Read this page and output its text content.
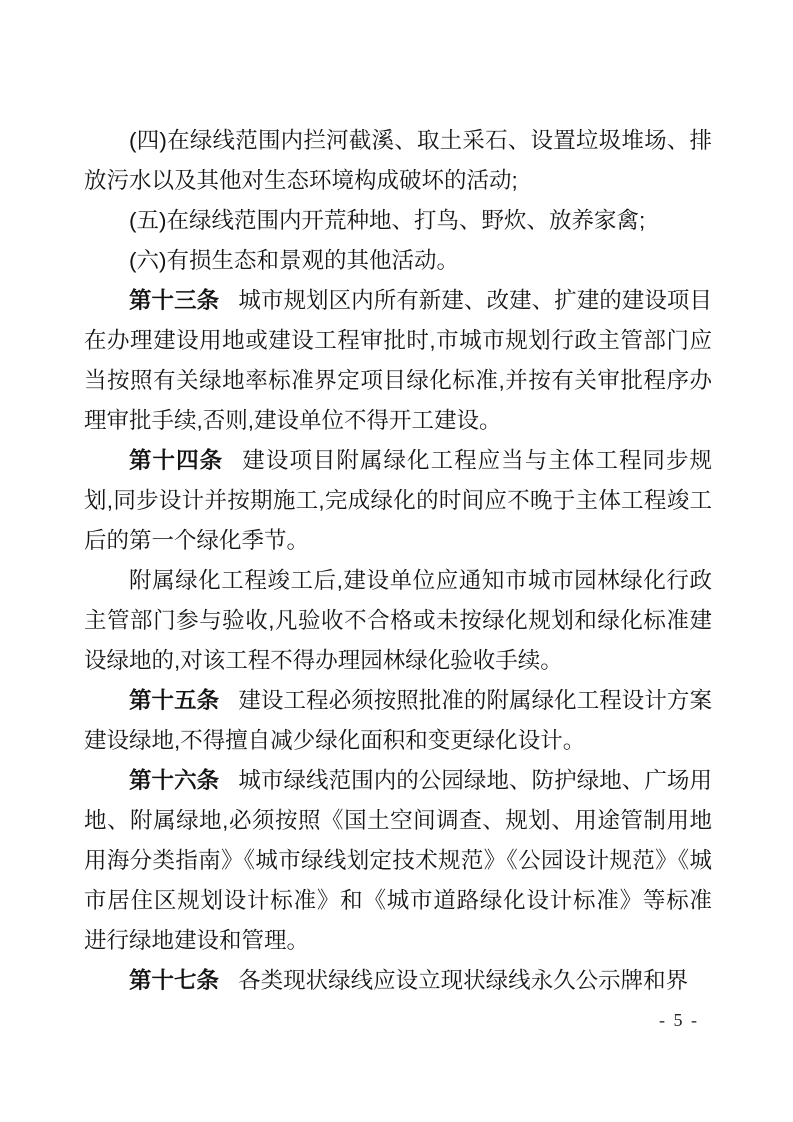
(四)在绿线范围内拦河截溪、取土采石、设置垃圾堆场、排放污水以及其他对生态环境构成破坏的活动;

(五)在绿线范围内开荒种地、打鸟、野炊、放养家禽;

(六)有损生态和景观的其他活动。

第十三条 城市规划区内所有新建、改建、扩建的建设项目在办理建设用地或建设工程审批时,市城市规划行政主管部门应当按照有关绿地率标准界定项目绿化标准,并按有关审批程序办理审批手续,否则,建设单位不得开工建设。

第十四条 建设项目附属绿化工程应当与主体工程同步规划,同步设计并按期施工,完成绿化的时间应不晚于主体工程竣工后的第一个绿化季节。

附属绿化工程竣工后,建设单位应通知市城市园林绿化行政主管部门参与验收,凡验收不合格或未按绿化规划和绿化标准建设绿地的,对该工程不得办理园林绿化验收手续。

第十五条 建设工程必须按照批准的附属绿化工程设计方案建设绿地,不得擅自减少绿化面积和变更绿化设计。

第十六条 城市绿线范围内的公园绿地、防护绿地、广场用地、附属绿地,必须按照《国土空间调查、规划、用途管制用地用海分类指南》《城市绿线划定技术规范》《公园设计规范》《城市居住区规划设计标准》和《城市道路绿化设计标准》等标准进行绿地建设和管理。

第十七条 各类现状绿线应设立现状绿线永久公示牌和界

- 5 -
